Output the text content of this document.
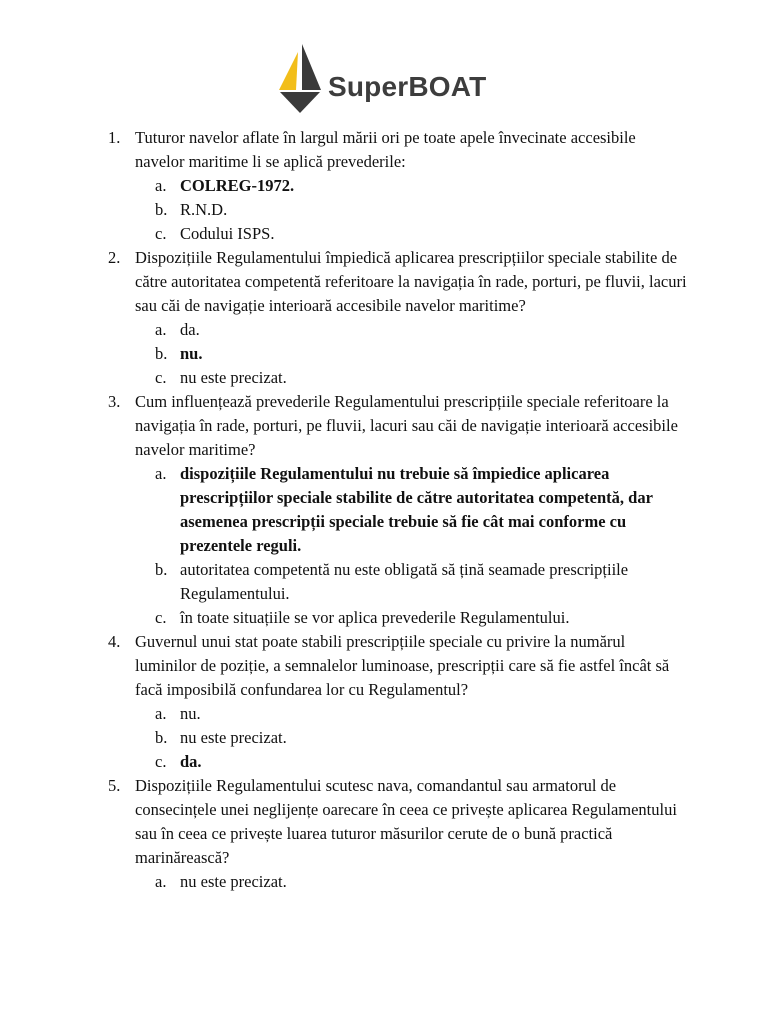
SuperBOAT
1. Tuturor navelor aflate în largul mării ori pe toate apele învecinate accesibile navelor maritime li se aplică prevederile:
a. COLREG-1972.
b. R.N.D.
c. Codului ISPS.
2. Dispozițiile Regulamentului împiedică aplicarea prescripțiilor speciale stabilite de către autoritatea competentă referitoare la navigația în rade, porturi, pe fluvii, lacuri sau căi de navigație interioară accesibile navelor maritime?
a. da.
b. nu.
c. nu este precizat.
3. Cum influențează prevederile Regulamentului prescripțiile speciale referitoare la navigația în rade, porturi, pe fluvii, lacuri sau căi de navigație interioară accesibile navelor maritime?
a. dispozițiile Regulamentului nu trebuie să împiedice aplicarea prescripțiilor speciale stabilite de către autoritatea competentă, dar asemenea prescripții speciale trebuie să fie cât mai conforme cu prezentele reguli.
b. autoritatea competentă nu este obligată să țină seamade prescripțiile Regulamentului.
c. în toate situațiile se vor aplica prevederile Regulamentului.
4. Guvernul unui stat poate stabili prescripțiile speciale cu privire la numărul luminilor de poziție, a semnalelor luminoase, prescripții care să fie astfel încât să facă imposibilă confundarea lor cu Regulamentul?
a. nu.
b. nu este precizat.
c. da.
5. Dispozițiile Regulamentului scutesc nava, comandantul sau armatorul de consecințele unei neglijențe oarecare în ceea ce privește aplicarea Regulamentului sau în ceea ce privește luarea tuturor măsurilor cerute de o bună practică marinărească?
a. nu este precizat.
